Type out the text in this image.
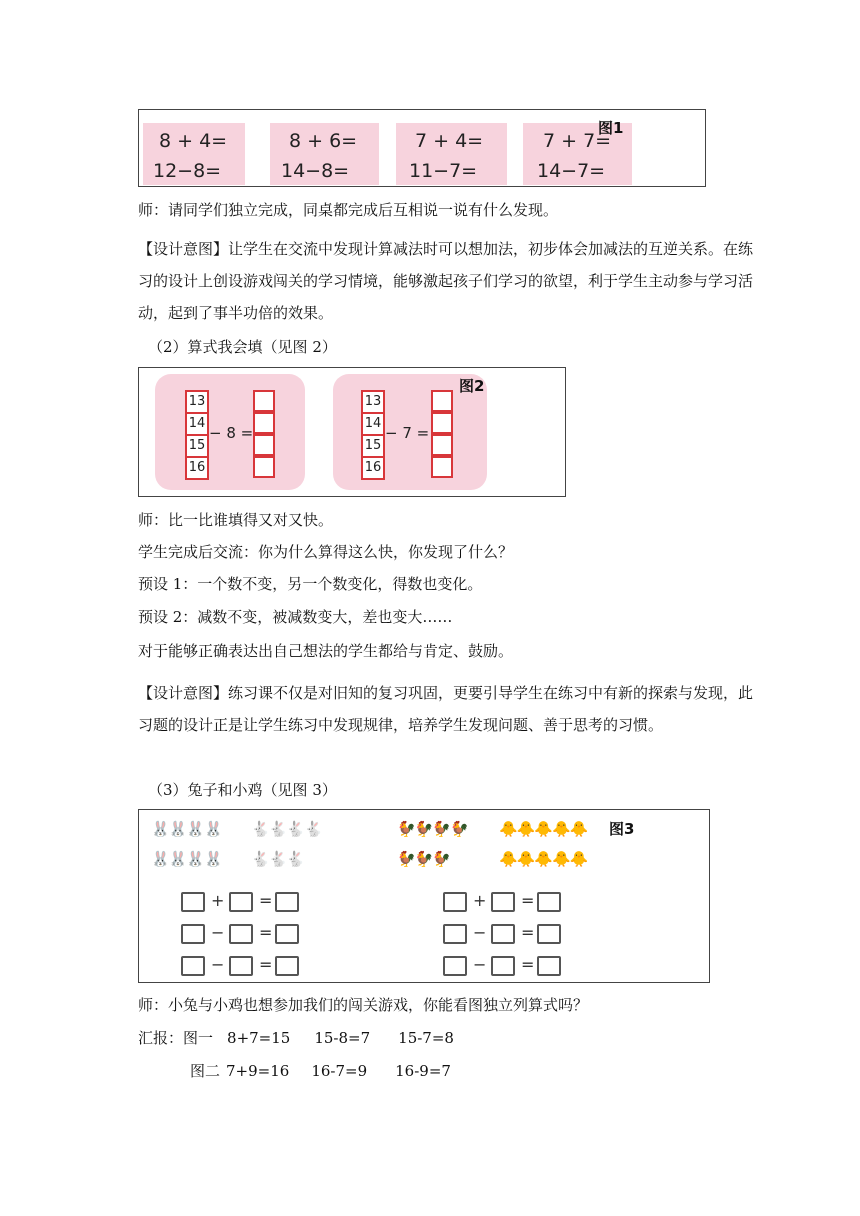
8 + 4=
12−8=
8 + 6=
14−8=
7 + 4=
11−7=
7 + 7=
14−7=
图1
师：请同学们独立完成，同桌都完成后互相说一说有什么发现。
【设计意图】让学生在交流中发现计算减法时可以想加法，初步体会加减法的互逆关系。在练习的设计上创设游戏闯关的学习情境，能够激起孩子们学习的欲望，利于学生主动参与学习活动，起到了事半功倍的效果。
（2）算式我会填（见图 2）
13
14
15
16
− 8 =
13
14
15
16
− 7 =
图2
师：比一比谁填得又对又快。
学生完成后交流：你为什么算得这么快，你发现了什么？
预设 1：一个数不变，另一个数变化，得数也变化。
预设 2：减数不变，被减数变大，差也变大……
对于能够正确表达出自己想法的学生都给与肯定、鼓励。
【设计意图】练习课不仅是对旧知的复习巩固，更要引导学生在练习中有新的探索与发现，此习题的设计正是让学生练习中发现规律，培养学生发现问题、善于思考的习惯。
（3）兔子和小鸡（见图 3）
🐰🐰🐰🐰 🐇🐇🐇🐇
🐰🐰🐰🐰 🐇🐇🐇
🐓🐓🐓🐓 🐥🐥🐥🐥🐥
🐓🐓🐓	🐥🐥🐥🐥🐥
图3
+ =
− =
− =
+ =
− =
− =
师：小兔与小鸡也想参加我们的闯关游戏，你能看图独立列算式吗？
汇报：图一 8+7=15 15-8=7 15-7=8
图二 7+9=16 16-7=9 16-9=7
